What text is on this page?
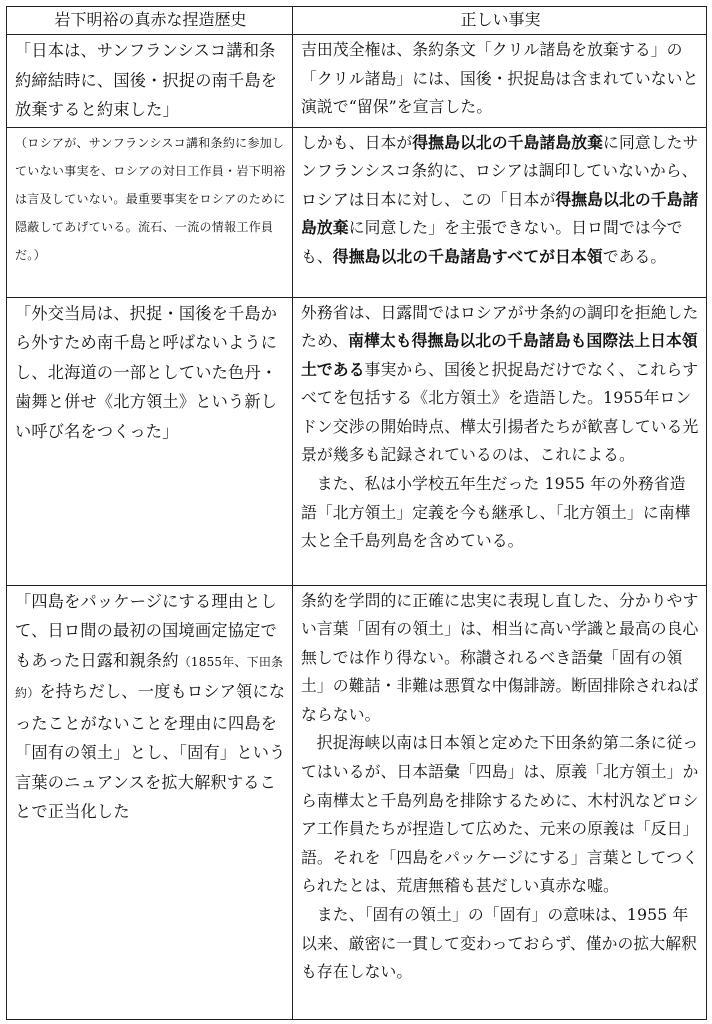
岩下明裕の真赤な捏造歴史	正しい事実

「日本は、サンフランシスコ講和条約締結時に、国後・択捉の南千島を放棄すると約束した」	吉田茂全権は、条約条文「クリル諸島を放棄する」の「クリル諸島」には、国後・択捉島は含まれていないと演説で“留保”を宣言した。

（ロシアが、サンフランシスコ講和条約に参加していない事実を、ロシアの対日工作員・岩下明裕は言及していない。最重要事実をロシアのために隠蔽してあげている。流石、一流の情報工作員だ。）	しかも、日本が得撫島以北の千島諸島放棄に同意したサンフランシスコ条約に、ロシアは調印していないから、ロシアは日本に対し、この「日本が得撫島以北の千島諸島放棄に同意した」を主張できない。日ロ間では今でも、得撫島以北の千島諸島すべてが日本領である。

「外交当局は、択捉・国後を千島から外すため南千島と呼ばないようにし、北海道の一部としていた色丹・歯舞と併せ《北方領土》という新しい呼び名をつくった」	外務省は、日露間ではロシアがサ条約の調印を拒絶したため、南樺太も得撫島以北の千島諸島も国際法上日本領土である事実から、国後と択捉島だけでなく、これらすべてを包括する《北方領土》を造語した。1955年ロンドン交渉の開始時点、樺太引揚者たちが歓喜している光景が幾多も記録されているのは、これによる。

また、私は小学校五年生だった 1955 年の外務省造語「北方領土」定義を今も継承し、「北方領土」に南樺太と全千島列島を含めている。

「四島をパッケージにする理由として、日ロ間の最初の国境画定協定でもあった日露和親条約（1855年、下田条約）を持ちだし、一度もロシア領になったことがないことを理由に四島を「固有の領土」とし、「固有」という言葉のニュアンスを拡大解釈することで正当化した	条約を学問的に正確に忠実に表現し直した、分かりやすい言葉「固有の領土」は、相当に高い学識と最高の良心無しでは作り得ない。称讃されるべき語彙「固有の領土」の難詰・非難は悪質な中傷誹謗。断固排除されねばならない。

択捉海峡以南は日本領と定めた下田条約第二条に従ってはいるが、日本語彙「四島」は、原義「北方領土」から南樺太と千島列島を排除するために、木村汎などロシア工作員たちが捏造して広めた、元来の原義は「反日」語。それを「四島をパッケージにする」言葉としてつくられたとは、荒唐無稽も甚だしい真赤な嘘。

また、「固有の領土」の「固有」の意味は、1955 年以来、厳密に一貫して変わっておらず、僅かの拡大解釈も存在しない。
